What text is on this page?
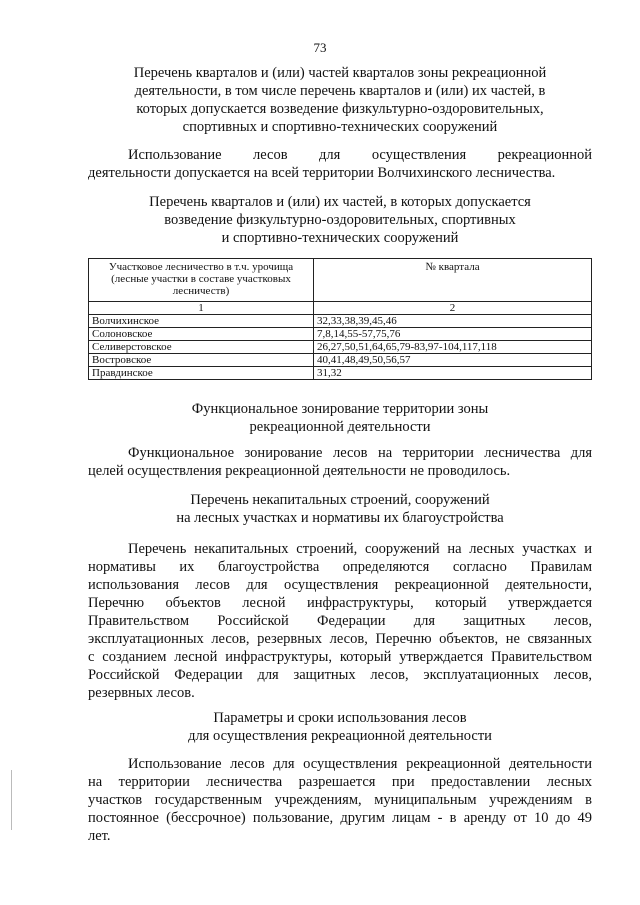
73
Перечень кварталов и (или) частей кварталов зоны рекреационной
деятельности, в том числе перечень кварталов и (или) их частей, в
которых допускается возведение физкультурно-оздоровительных,
спортивных и спортивно-технических сооружений
Использование лесов для осуществления рекреационной
деятельности допускается на всей территории Волчихинского лесничества.
Перечень кварталов и (или) их частей, в которых допускается
возведение физкультурно-оздоровительных, спортивных
и спортивно-технических сооружений
Участковое лесничество в т.ч. урочища (лесные участки в составе участковых лесничеств)	№ квартала
1	2
Волчихинское	32,33,38,39,45,46
Солоновское	7,8,14,55-57,75,76
Селиверстовское	26,27,50,51,64,65,79-83,97-104,117,118
Востровское	40,41,48,49,50,56,57
Правдинское	31,32
Функциональное зонирование территории зоны
рекреационной деятельности
Функциональное зонирование лесов на территории лесничества для
целей осуществления рекреационной деятельности не проводилось.
Перечень некапитальных строений, сооружений
на лесных участках и нормативы их благоустройства
Перечень некапитальных строений, сооружений на лесных участках и
нормативы их благоустройства определяются согласно Правилам
использования лесов для осуществления рекреационной деятельности,
Перечню объектов лесной инфраструктуры, который утверждается
Правительством Российской Федерации для защитных лесов,
эксплуатационных лесов, резервных лесов, Перечню объектов, не связанных
с созданием лесной инфраструктуры, который утверждается Правительством
Российской Федерации для защитных лесов, эксплуатационных лесов,
резервных лесов.
Параметры и сроки использования лесов
для осуществления рекреационной деятельности
Использование лесов для осуществления рекреационной деятельности
на территории лесничества разрешается при предоставлении лесных
участков государственным учреждениям, муниципальным учреждениям в
постоянное (бессрочное) пользование, другим лицам - в аренду от 10 до 49
лет.
